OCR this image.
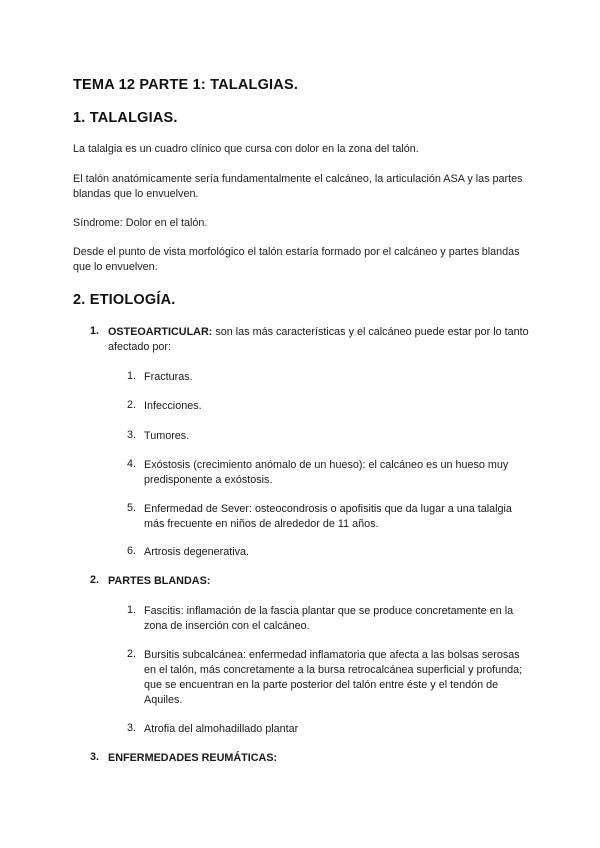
TEMA 12 PARTE 1: TALALGIAS.
1. TALALGIAS.
La talalgia es un cuadro clínico que cursa con dolor en la zona del talón.
El talón anatómicamente sería fundamentalmente el calcáneo, la articulación ASA y las partes blandas que lo envuelven.
Síndrome: Dolor en el talón.
Desde el punto de vista morfológico el talón estaría formado por el calcáneo y partes blandas que lo envuelven.
2. ETIOLOGÍA.
1. OSTEOARTICULAR: son las más características y el calcáneo puede estar por lo tanto afectado por:
1. Fracturas.
2. Infecciones.
3. Tumores.
4. Exóstosis (crecimiento anómalo de un hueso): el calcáneo es un hueso muy predisponente a exóstosis.
5. Enfermedad de Sever: osteocondrosis o apofisitis que da lugar a una talalgia más frecuente en niños de alrededor de 11 años.
6. Artrosis degenerativa.
2. PARTES BLANDAS:
1. Fascitis: inflamación de la fascia plantar que se produce concretamente en la zona de inserción con el calcáneo.
2. Bursitis subcalcánea: enfermedad inflamatoria que afecta a las bolsas serosas en el talón, más concretamente a la bursa retrocalcánea superficial y profunda; que se encuentran en la parte posterior del talón entre éste y el tendón de Aquiles.
3. Atrofia del almohadillado plantar
3. ENFERMEDADES REUMÁTICAS:
